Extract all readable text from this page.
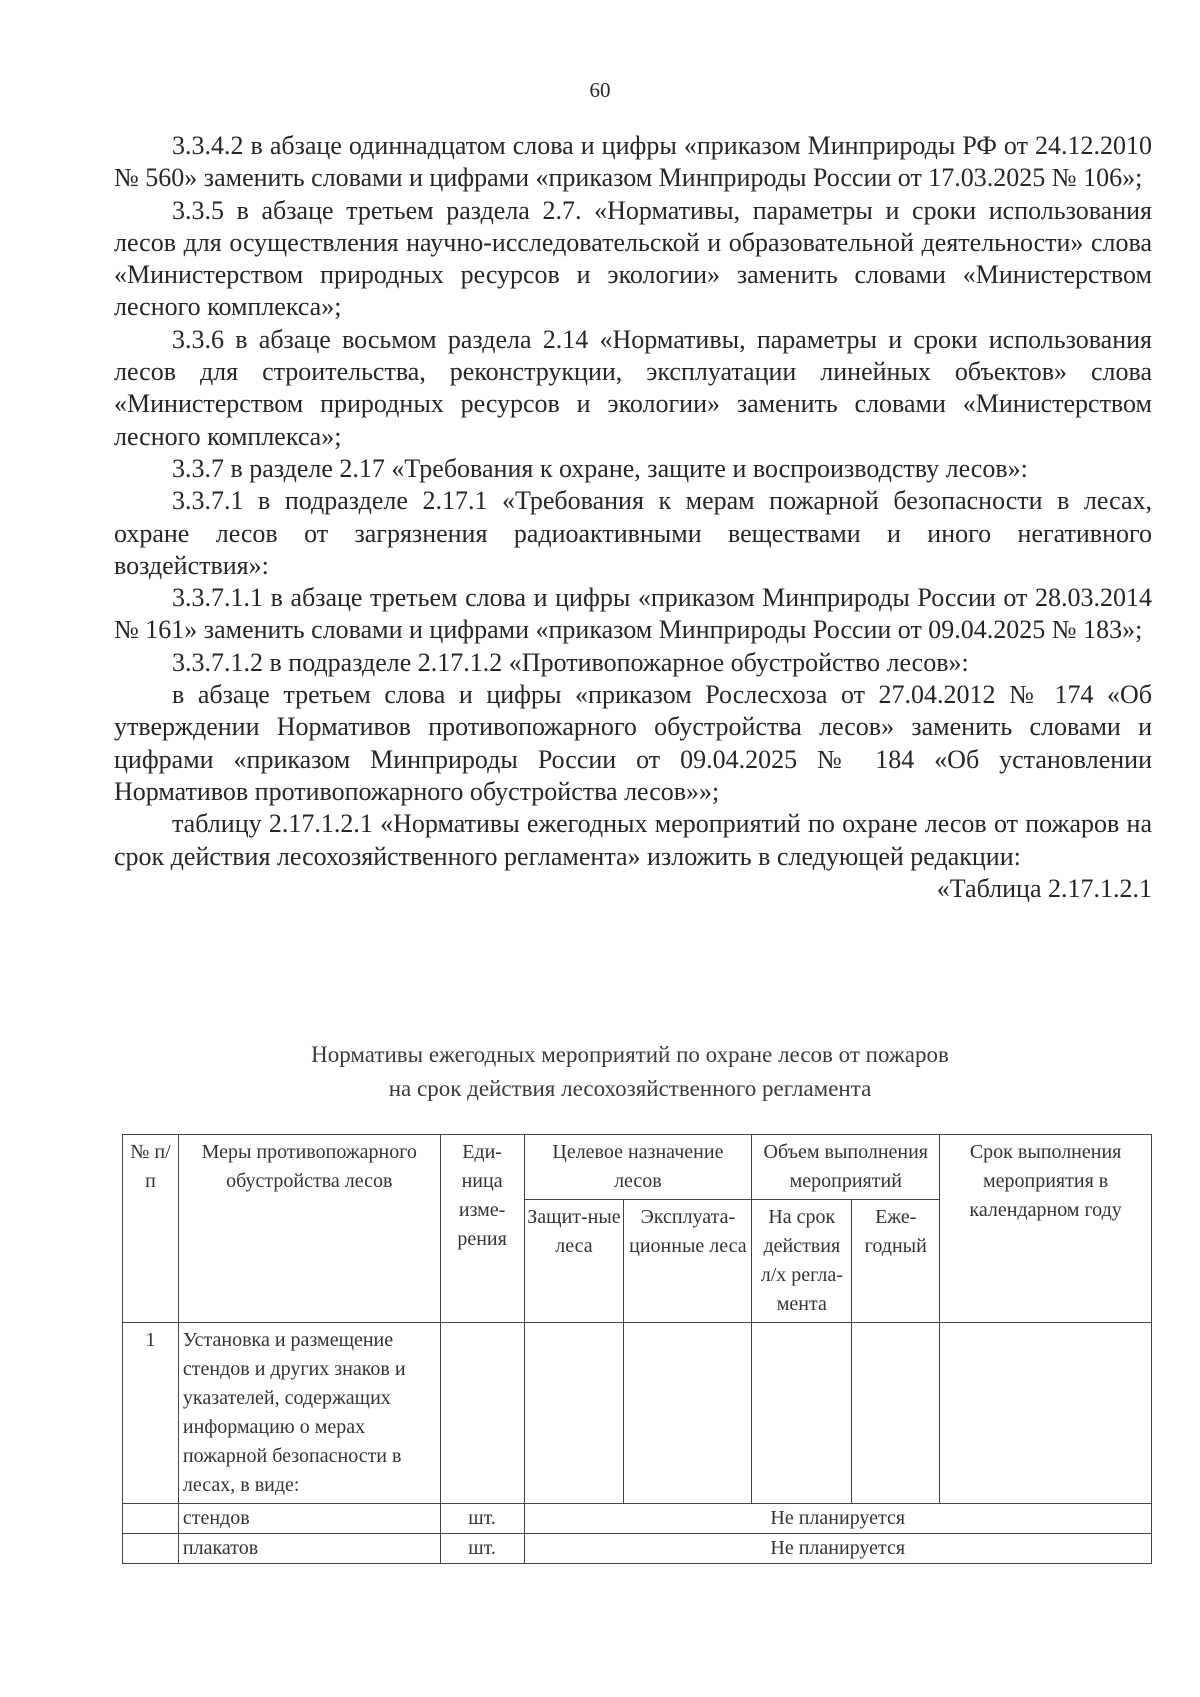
60

3.3.4.2 в абзаце одиннадцатом слова и цифры «приказом Минприроды РФ от 24.12.2010 № 560» заменить словами и цифрами «приказом Минприроды России от 17.03.2025 № 106»;

3.3.5 в абзаце третьем раздела 2.7. «Нормативы, параметры и сроки использования лесов для осуществления научно-исследовательской и образовательной деятельности» слова «Министерством природных ресурсов и экологии» заменить словами «Министерством лесного комплекса»;

3.3.6 в абзаце восьмом раздела 2.14 «Нормативы, параметры и сроки использования лесов для строительства, реконструкции, эксплуатации линейных объектов» слова «Министерством природных ресурсов и экологии» заменить словами «Министерством лесного комплекса»;

3.3.7 в разделе 2.17 «Требования к охране, защите и воспроизводству лесов»:

3.3.7.1 в подразделе 2.17.1 «Требования к мерам пожарной безопасности в лесах, охране лесов от загрязнения радиоактивными веществами и иного негативного воздействия»:

3.3.7.1.1 в абзаце третьем слова и цифры «приказом Минприроды России от 28.03.2014 № 161» заменить словами и цифрами «приказом Минприроды России от 09.04.2025 № 183»;

3.3.7.1.2 в подразделе 2.17.1.2 «Противопожарное обустройство лесов»:

в абзаце третьем слова и цифры «приказом Рослесхоза от 27.04.2012 № 174 «Об утверждении Нормативов противопожарного обустройства лесов» заменить словами и цифрами «приказом Минприроды России от 09.04.2025 № 184 «Об установлении Нормативов противопожарного обустройства лесов»»;

таблицу 2.17.1.2.1 «Нормативы ежегодных мероприятий по охране лесов от пожаров на срок действия лесохозяйственного регламента» изложить в следующей редакции:

«Таблица 2.17.1.2.1

Нормативы ежегодных мероприятий по охране лесов от пожаров
на срок действия лесохозяйственного регламента
№ п/п	Меры противопожарного обустройства лесов	Еди-ница изме-рения	Целевое назначение лесов		Объем выполнения мероприятий		Срок выполнения мероприятия в календарном году
			Защит-ные леса	Эксплуата-ционные леса	На срок действия л/х регла-мента	Еже-годный	
1	Установка и размещение стендов и других знаков и указателей, содержащих информацию о мерах пожарной безопасности в лесах, в виде:						
	стендов	шт.	Не планируется				
	плакатов	шт.	Не планируется				
